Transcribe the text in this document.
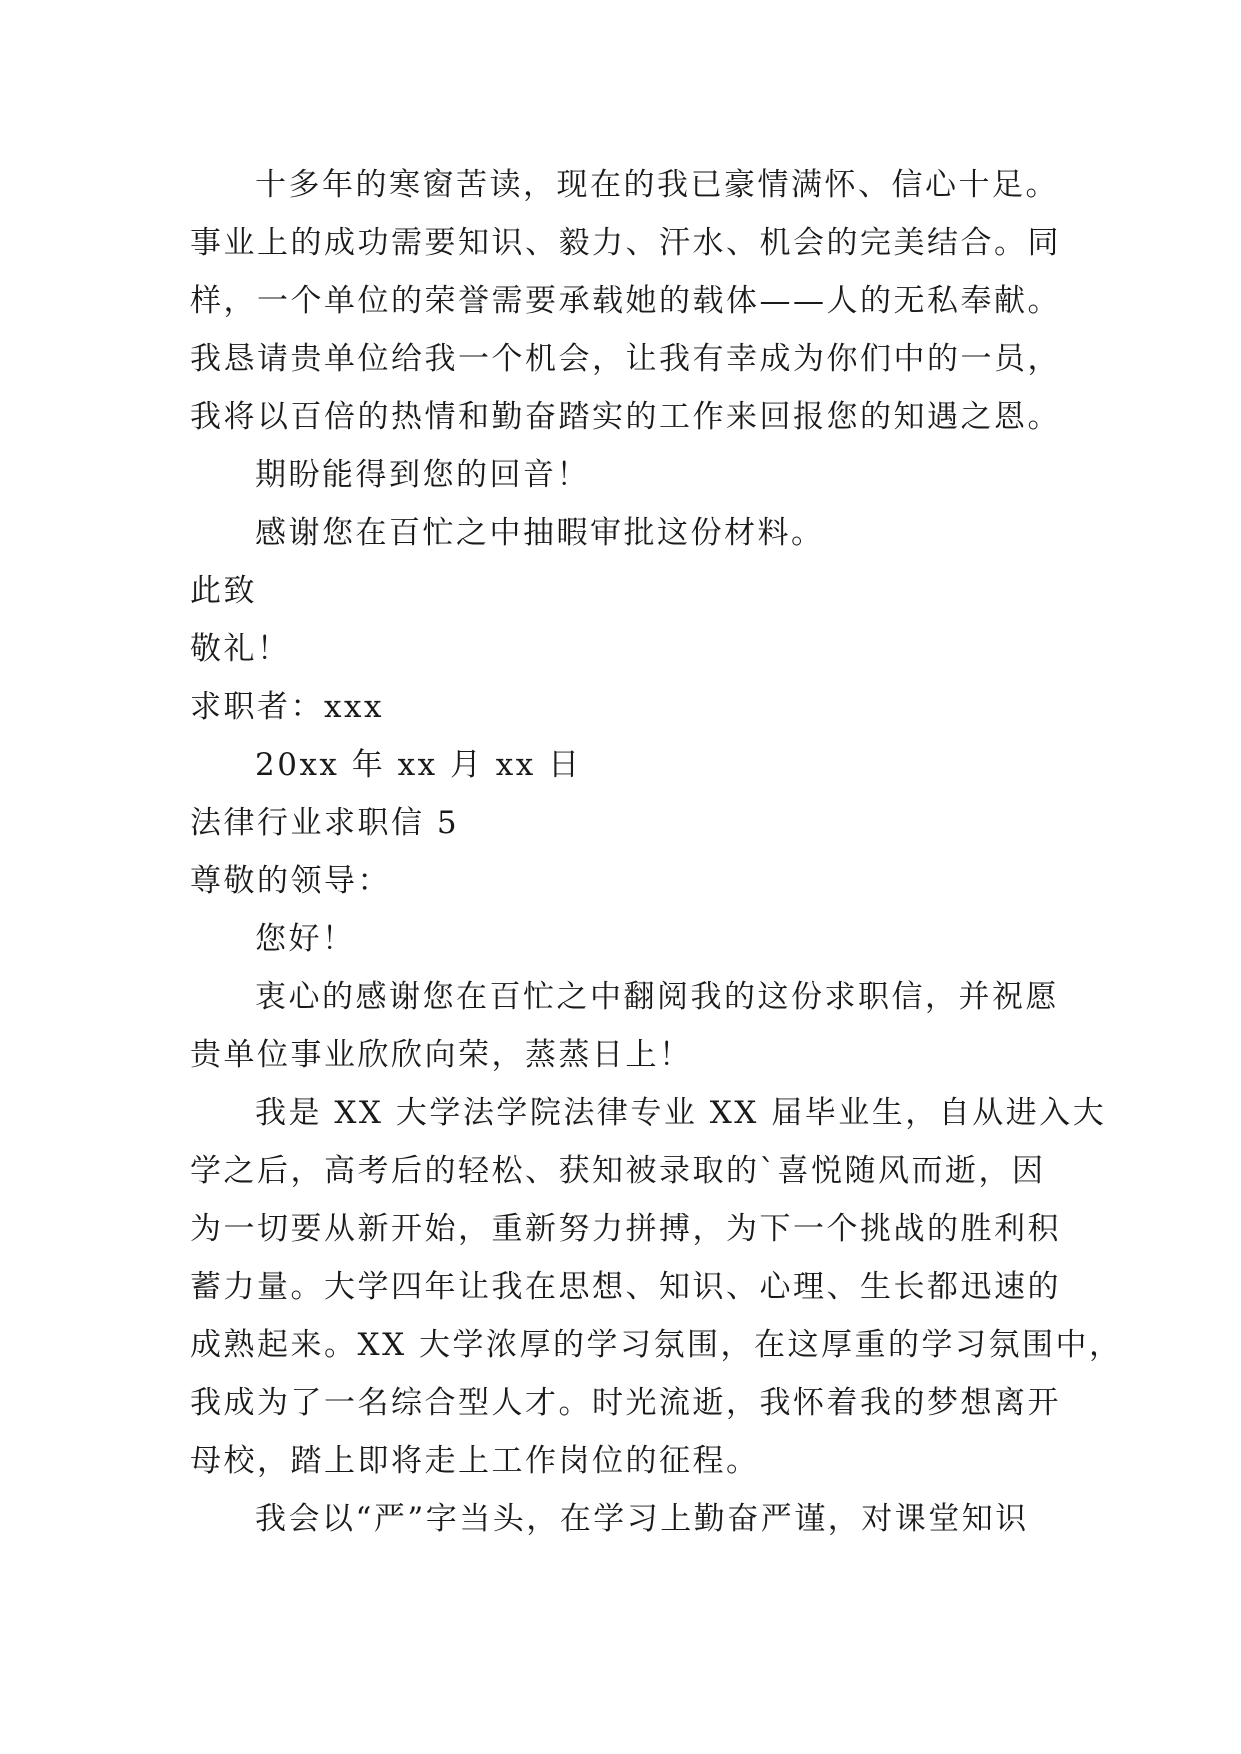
十多年的寒窗苦读，现在的我已豪情满怀、信心十足。
事业上的成功需要知识、毅力、汗水、机会的完美结合。同
样，一个单位的荣誉需要承载她的载体——人的无私奉献。
我恳请贵单位给我一个机会，让我有幸成为你们中的一员，
我将以百倍的热情和勤奋踏实的工作来回报您的知遇之恩。
期盼能得到您的回音！
感谢您在百忙之中抽暇审批这份材料。
此致
敬礼！
求职者：xxx
20xx 年 xx 月 xx 日
法律行业求职信 5
尊敬的领导：
您好！
衷心的感谢您在百忙之中翻阅我的这份求职信，并祝愿
贵单位事业欣欣向荣，蒸蒸日上！
我是 XX 大学法学院法律专业 XX 届毕业生，自从进入大
学之后，高考后的轻松、获知被录取的`喜悦随风而逝，因
为一切要从新开始，重新努力拼搏，为下一个挑战的胜利积
蓄力量。大学四年让我在思想、知识、心理、生长都迅速的
成熟起来。XX 大学浓厚的学习氛围，在这厚重的学习氛围中，
我成为了一名综合型人才。时光流逝，我怀着我的梦想离开
母校，踏上即将走上工作岗位的征程。
我会以“严”字当头，在学习上勤奋严谨，对课堂知识
